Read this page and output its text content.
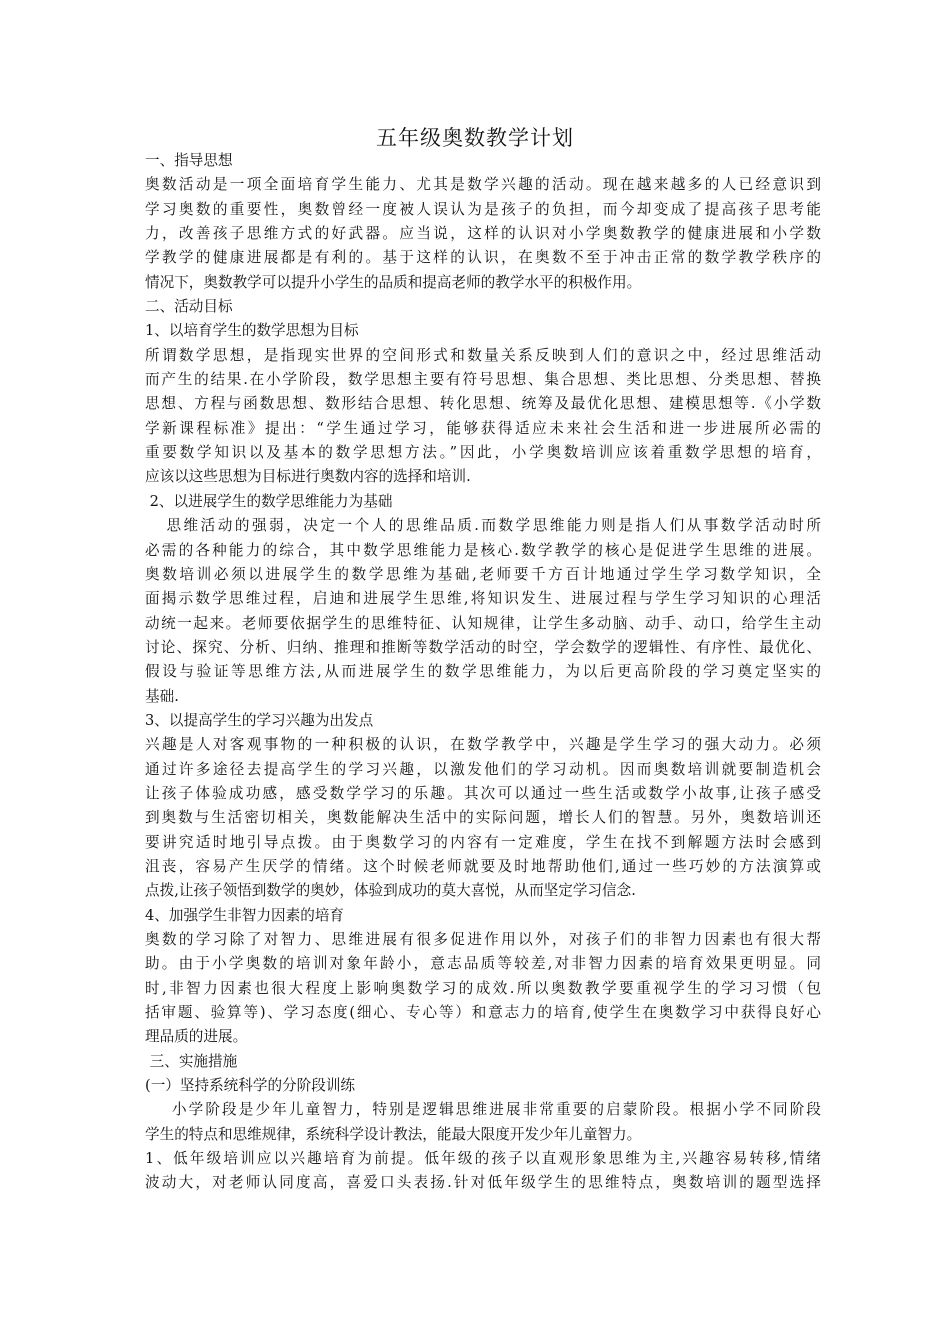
五年级奥数教学计划
一、指导思想
奥数活动是一项全面培育学生能力、尤其是数学兴趣的活动。现在越来越多的人已经意识到
学习奥数的重要性，奥数曾经一度被人误认为是孩子的负担，而今却变成了提高孩子思考能
力，改善孩子思维方式的好武器。应当说，这样的认识对小学奥数教学的健康进展和小学数
学教学的健康进展都是有利的。基于这样的认识，在奥数不至于冲击正常的数学教学秩序的
情况下，奥数教学可以提升小学生的品质和提高老师的教学水平的积极作用。
二、活动目标
1、以培育学生的数学思想为目标
所谓数学思想，是指现实世界的空间形式和数量关系反映到人们的意识之中，经过思维活动
而产生的结果.在小学阶段，数学思想主要有符号思想、集合思想、类比思想、分类思想、替换
思想、方程与函数思想、数形结合思想、转化思想、统筹及最优化思想、建模思想等.《小学数
学新课程标准》提出：“学生通过学习，能够获得适应未来社会生活和进一步进展所必需的
重要数学知识以及基本的数学思想方法。”因此，小学奥数培训应该着重数学思想的培育，
应该以这些思想为目标进行奥数内容的选择和培训.
2、以进展学生的数学思维能力为基础
思维活动的强弱，决定一个人的思维品质.而数学思维能力则是指人们从事数学活动时所
必需的各种能力的综合，其中数学思维能力是核心.数学教学的核心是促进学生思维的进展。
奥数培训必须以进展学生的数学思维为基础,老师要千方百计地通过学生学习数学知识，全
面揭示数学思维过程，启迪和进展学生思维,将知识发生、进展过程与学生学习知识的心理活
动统一起来。老师要依据学生的思维特征、认知规律，让学生多动脑、动手、动口，给学生主动
讨论、探究、分析、归纳、推理和推断等数学活动的时空，学会数学的逻辑性、有序性、最优化、
假设与验证等思维方法,从而进展学生的数学思维能力，为以后更高阶段的学习奠定坚实的
基础.
3、以提高学生的学习兴趣为出发点
兴趣是人对客观事物的一种积极的认识，在数学教学中，兴趣是学生学习的强大动力。必须
通过许多途径去提高学生的学习兴趣，以激发他们的学习动机。因而奥数培训就要制造机会
让孩子体验成功感，感受数学学习的乐趣。其次可以通过一些生活或数学小故事,让孩子感受
到奥数与生活密切相关，奥数能解决生活中的实际问题，增长人们的智慧。另外，奥数培训还
要讲究适时地引导点拨。由于奥数学习的内容有一定难度，学生在找不到解题方法时会感到
沮丧，容易产生厌学的情绪。这个时候老师就要及时地帮助他们,通过一些巧妙的方法演算或
点拨,让孩子领悟到数学的奥妙，体验到成功的莫大喜悦，从而坚定学习信念.
4、加强学生非智力因素的培育
奥数的学习除了对智力、思维进展有很多促进作用以外，对孩子们的非智力因素也有很大帮
助。由于小学奥数的培训对象年龄小，意志品质等较差,对非智力因素的培育效果更明显。同
时,非智力因素也很大程度上影响奥数学习的成效.所以奥数教学要重视学生的学习习惯（包
括审题、验算等)、学习态度(细心、专心等）和意志力的培育,使学生在奥数学习中获得良好心
理品质的进展。
三、实施措施
(一）坚持系统科学的分阶段训练
小学阶段是少年儿童智力，特别是逻辑思维进展非常重要的启蒙阶段。根据小学不同阶段
学生的特点和思维规律，系统科学设计教法，能最大限度开发少年儿童智力。
1、低年级培训应以兴趣培育为前提。低年级的孩子以直观形象思维为主,兴趣容易转移,情绪
波动大，对老师认同度高，喜爱口头表扬.针对低年级学生的思维特点，奥数培训的题型选择
